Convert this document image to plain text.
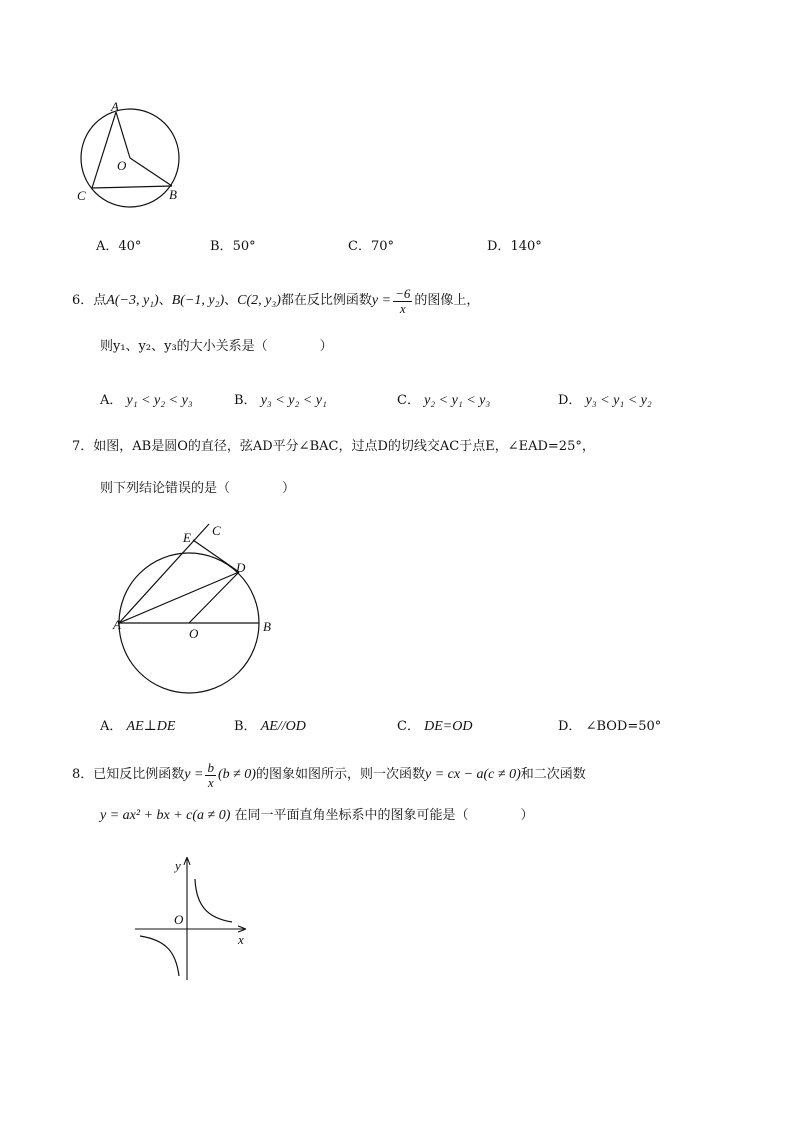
A
O
C	B
A．40°	B．50°	C．70°	D．140°
6．点 A(−3, y₁) 、 B(−1, y₂) 、 C(2, y₃) 都在反比例函数 $y = \frac{-6}{x}$ 的图像上，
则y₁、y₂、y₃的大小关系是（　　　　）
A． y₁ < y₂ < y₃	B． y₃ < y₂ < y₁	C． y₂ < y₁ < y₃	D． y₃ < y₁ < y₂
7．如图，AB是圆O的直径，弦AD平分∠BAC，过点D的切线交AC于点E，∠EAD=25°，
则下列结论错误的是（　　　　）
C
E
D
A
O	B
A． AE⊥DE	B． AE//OD	C． DE=OD	D． ∠BOD=50°
8．已知反比例函数 $y = \frac{b}{x} (b \ne 0)$ 的图象如图所示，则一次函数 y = cx − a(c ≠ 0) 和二次函数
y = ax² + bx + c(a ≠ 0) 在同一平面直角坐标系中的图象可能是（　　　　）
y
O
x
